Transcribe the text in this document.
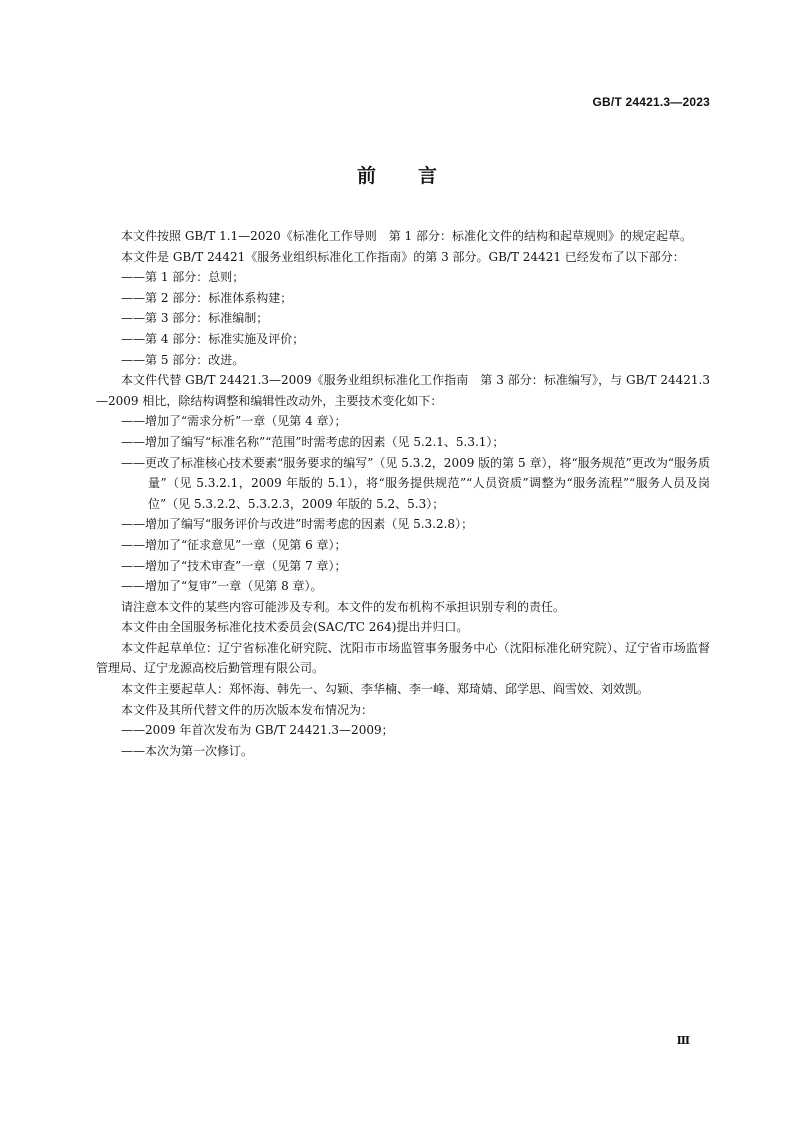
GB/T 24421.3—2023
前言

本文件按照 GB/T 1.1—2020《标准化工作导则　第 1 部分：标准化文件的结构和起草规则》的规定起草。

本文件是 GB/T 24421《服务业组织标准化工作指南》的第 3 部分。GB/T 24421 已经发布了以下部分：

——第 1 部分：总则；

——第 2 部分：标准体系构建；

——第 3 部分：标准编制；

——第 4 部分：标准实施及评价；

——第 5 部分：改进。

本文件代替 GB/T 24421.3—2009《服务业组织标准化工作指南　第 3 部分：标准编写》，与 GB/T 24421.3—2009 相比，除结构调整和编辑性改动外，主要技术变化如下：

——增加了“需求分析”一章（见第 4 章）；

——增加了编写“标准名称”“范围”时需考虑的因素（见 5.2.1、5.3.1）；

——更改了标准核心技术要素“服务要求的编写”（见 5.3.2，2009 版的第 5 章），将“服务规范”更改为“服务质量”（见 5.3.2.1，2009 年版的 5.1），将“服务提供规范”“人员资质”调整为“服务流程”“服务人员及岗位”（见 5.3.2.2、5.3.2.3，2009 年版的 5.2、5.3）；

——增加了编写“服务评价与改进”时需考虑的因素（见 5.3.2.8）；

——增加了“征求意见”一章（见第 6 章）；

——增加了“技术审查”一章（见第 7 章）；

——增加了“复审”一章（见第 8 章）。

请注意本文件的某些内容可能涉及专利。本文件的发布机构不承担识别专利的责任。

本文件由全国服务标准化技术委员会(SAC/TC 264)提出并归口。

本文件起草单位：辽宁省标准化研究院、沈阳市市场监管事务服务中心（沈阳标准化研究院）、辽宁省市场监督管理局、辽宁龙源高校后勤管理有限公司。

本文件主要起草人：郑怀海、韩先一、勾颖、李华楠、李一峰、郑琦婧、邱学思、阎雪姣、刘效凯。

本文件及其所代替文件的历次版本发布情况为：

——2009 年首次发布为 GB/T 24421.3—2009；

——本次为第一次修订。

Ⅲ
